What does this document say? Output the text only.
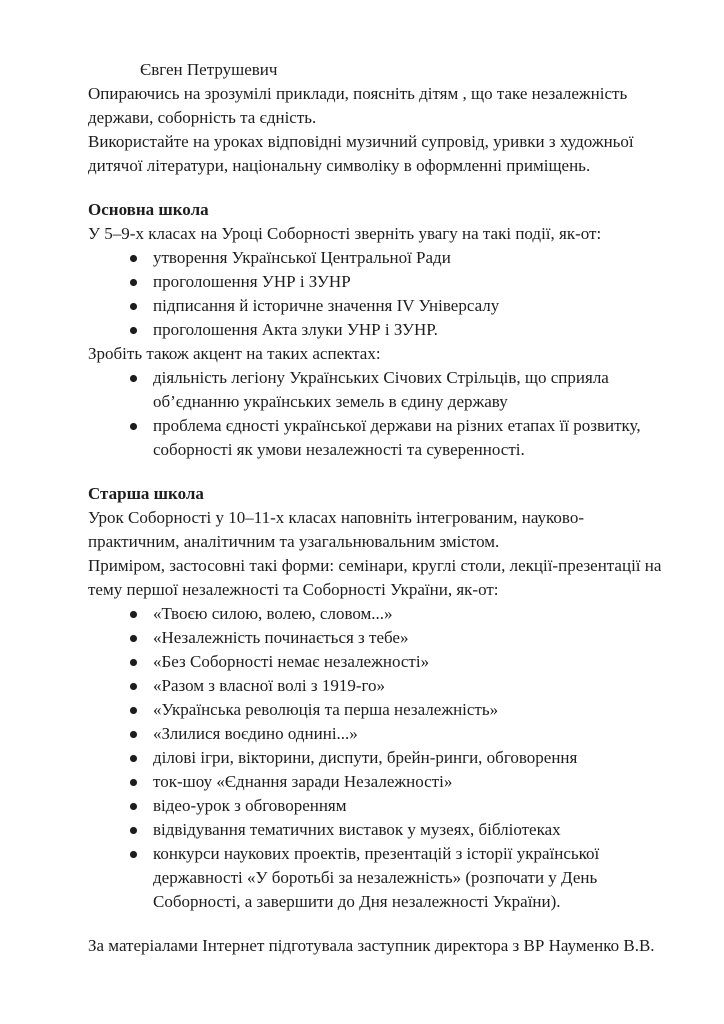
Євген Петрушевич

Опираючись на зрозумілі приклади, поясніть дітям , що таке незалежність держави, соборність та єдність.

Використайте на уроках відповідні музичний супровід, уривки з художньої дитячої літератури, національну символіку в оформленні приміщень.

Основна школа

У 5–9-х класах на Уроці Соборності зверніть увагу на такі події, як-от:

утворення Української Центральної Ради
проголошення УНР і ЗУНР
підписання й історичне значення IV Універсалу
проголошення Акта злуки УНР і ЗУНР.

Зробіть також акцент на таких аспектах:

діяльність легіону Українських Січових Стрільців, що сприяла об’єднанню українських земель в єдину державу
проблема єдності української держави на різних етапах її розвитку, соборності як умови незалежності та суверенності.

Старша школа

Урок Соборності у 10–11-х класах наповніть інтегрованим, науково-практичним, аналітичним та узагальнювальним змістом.

Приміром, застосовні такі форми: семінари, круглі столи, лекції-презентації на тему першої незалежності та Соборності України, як-от:

«Твоєю силою, волею, словом...»
«Незалежність починається з тебе»
«Без Соборності немає незалежності»
«Разом з власної волі з 1919-го»
«Українська революція та перша незалежність»
«Злилися воєдино однині...»
ділові ігри, вікторини, диспути, брейн-ринги, обговорення
ток-шоу «Єднання заради Незалежності»
відео-урок з обговоренням
відвідування тематичних виставок у музеях, бібліотеках
конкурси наукових проектів, презентацій з історії української державності «У боротьбі за незалежність» (розпочати у День Соборності, а завершити до Дня незалежності України).

За матеріалами Інтернет підготувала заступник директора з ВР Науменко В.В.
